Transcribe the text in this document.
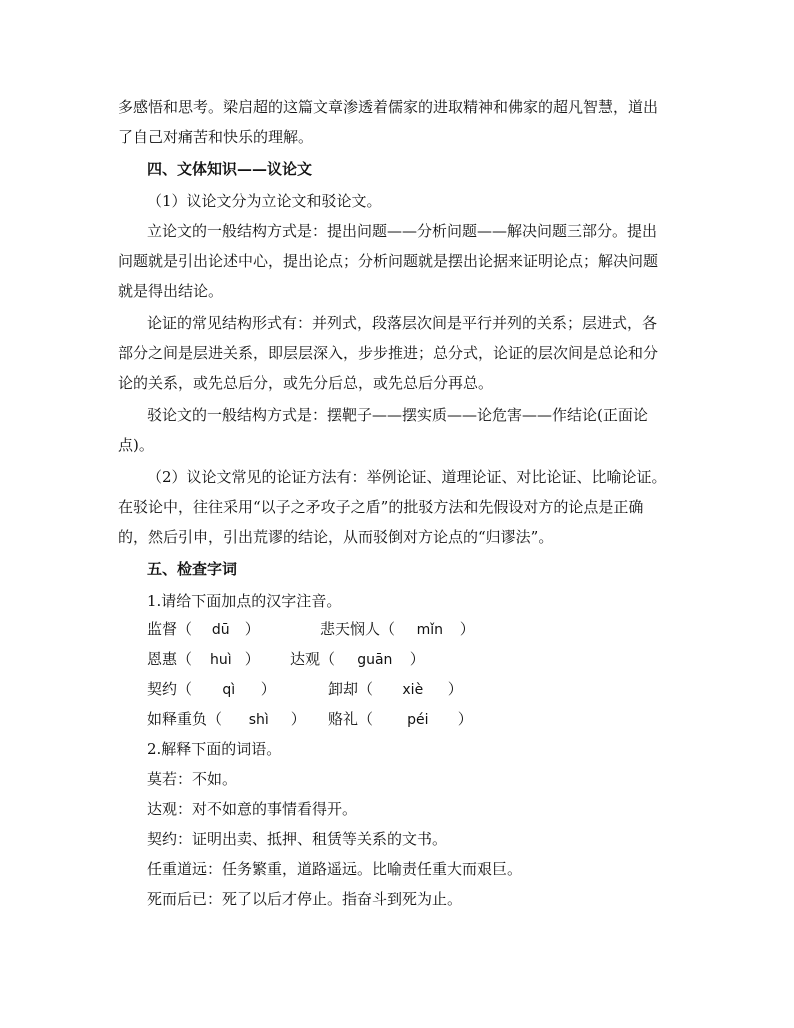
多感悟和思考。梁启超的这篇文章渗透着儒家的进取精神和佛家的超凡智慧，道出
了自己对痛苦和快乐的理解。
四、文体知识——议论文
（1）议论文分为立论文和驳论文。
立论文的一般结构方式是：提出问题——分析问题——解决问题三部分。提出
问题就是引出论述中心，提出论点；分析问题就是摆出论据来证明论点；解决问题
就是得出结论。
论证的常见结构形式有：并列式，段落层次间是平行并列的关系；层进式，各
部分之间是层进关系，即层层深入，步步推进；总分式，论证的层次间是总论和分
论的关系，或先总后分，或先分后总，或先总后分再总。
驳论文的一般结构方式是：摆靶子——摆实质——论危害——作结论(正面论
点)。
（2）议论文常见的论证方法有：举例论证、道理论证、对比论证、比喻论证。
在驳论中，往往采用“以子之矛攻子之盾”的批驳方法和先假设对方的论点是正确
的，然后引申，引出荒谬的结论，从而驳倒对方论点的“归谬法”。
五、检查字词
1.请给下面加点的汉字注音。
监督（ dū ）	悲天悯人（ mǐn ）
恩惠（ huì ） 达观（ guān ）
契约（ qì ）	卸却（ xiè ）
如释重负（ shì ） 赂礼（ péi ）
2.解释下面的词语。
莫若：不如。
达观：对不如意的事情看得开。
契约：证明出卖、抵押、租赁等关系的文书。
任重道远：任务繁重，道路遥远。比喻责任重大而艰巨。
死而后已：死了以后才停止。指奋斗到死为止。
